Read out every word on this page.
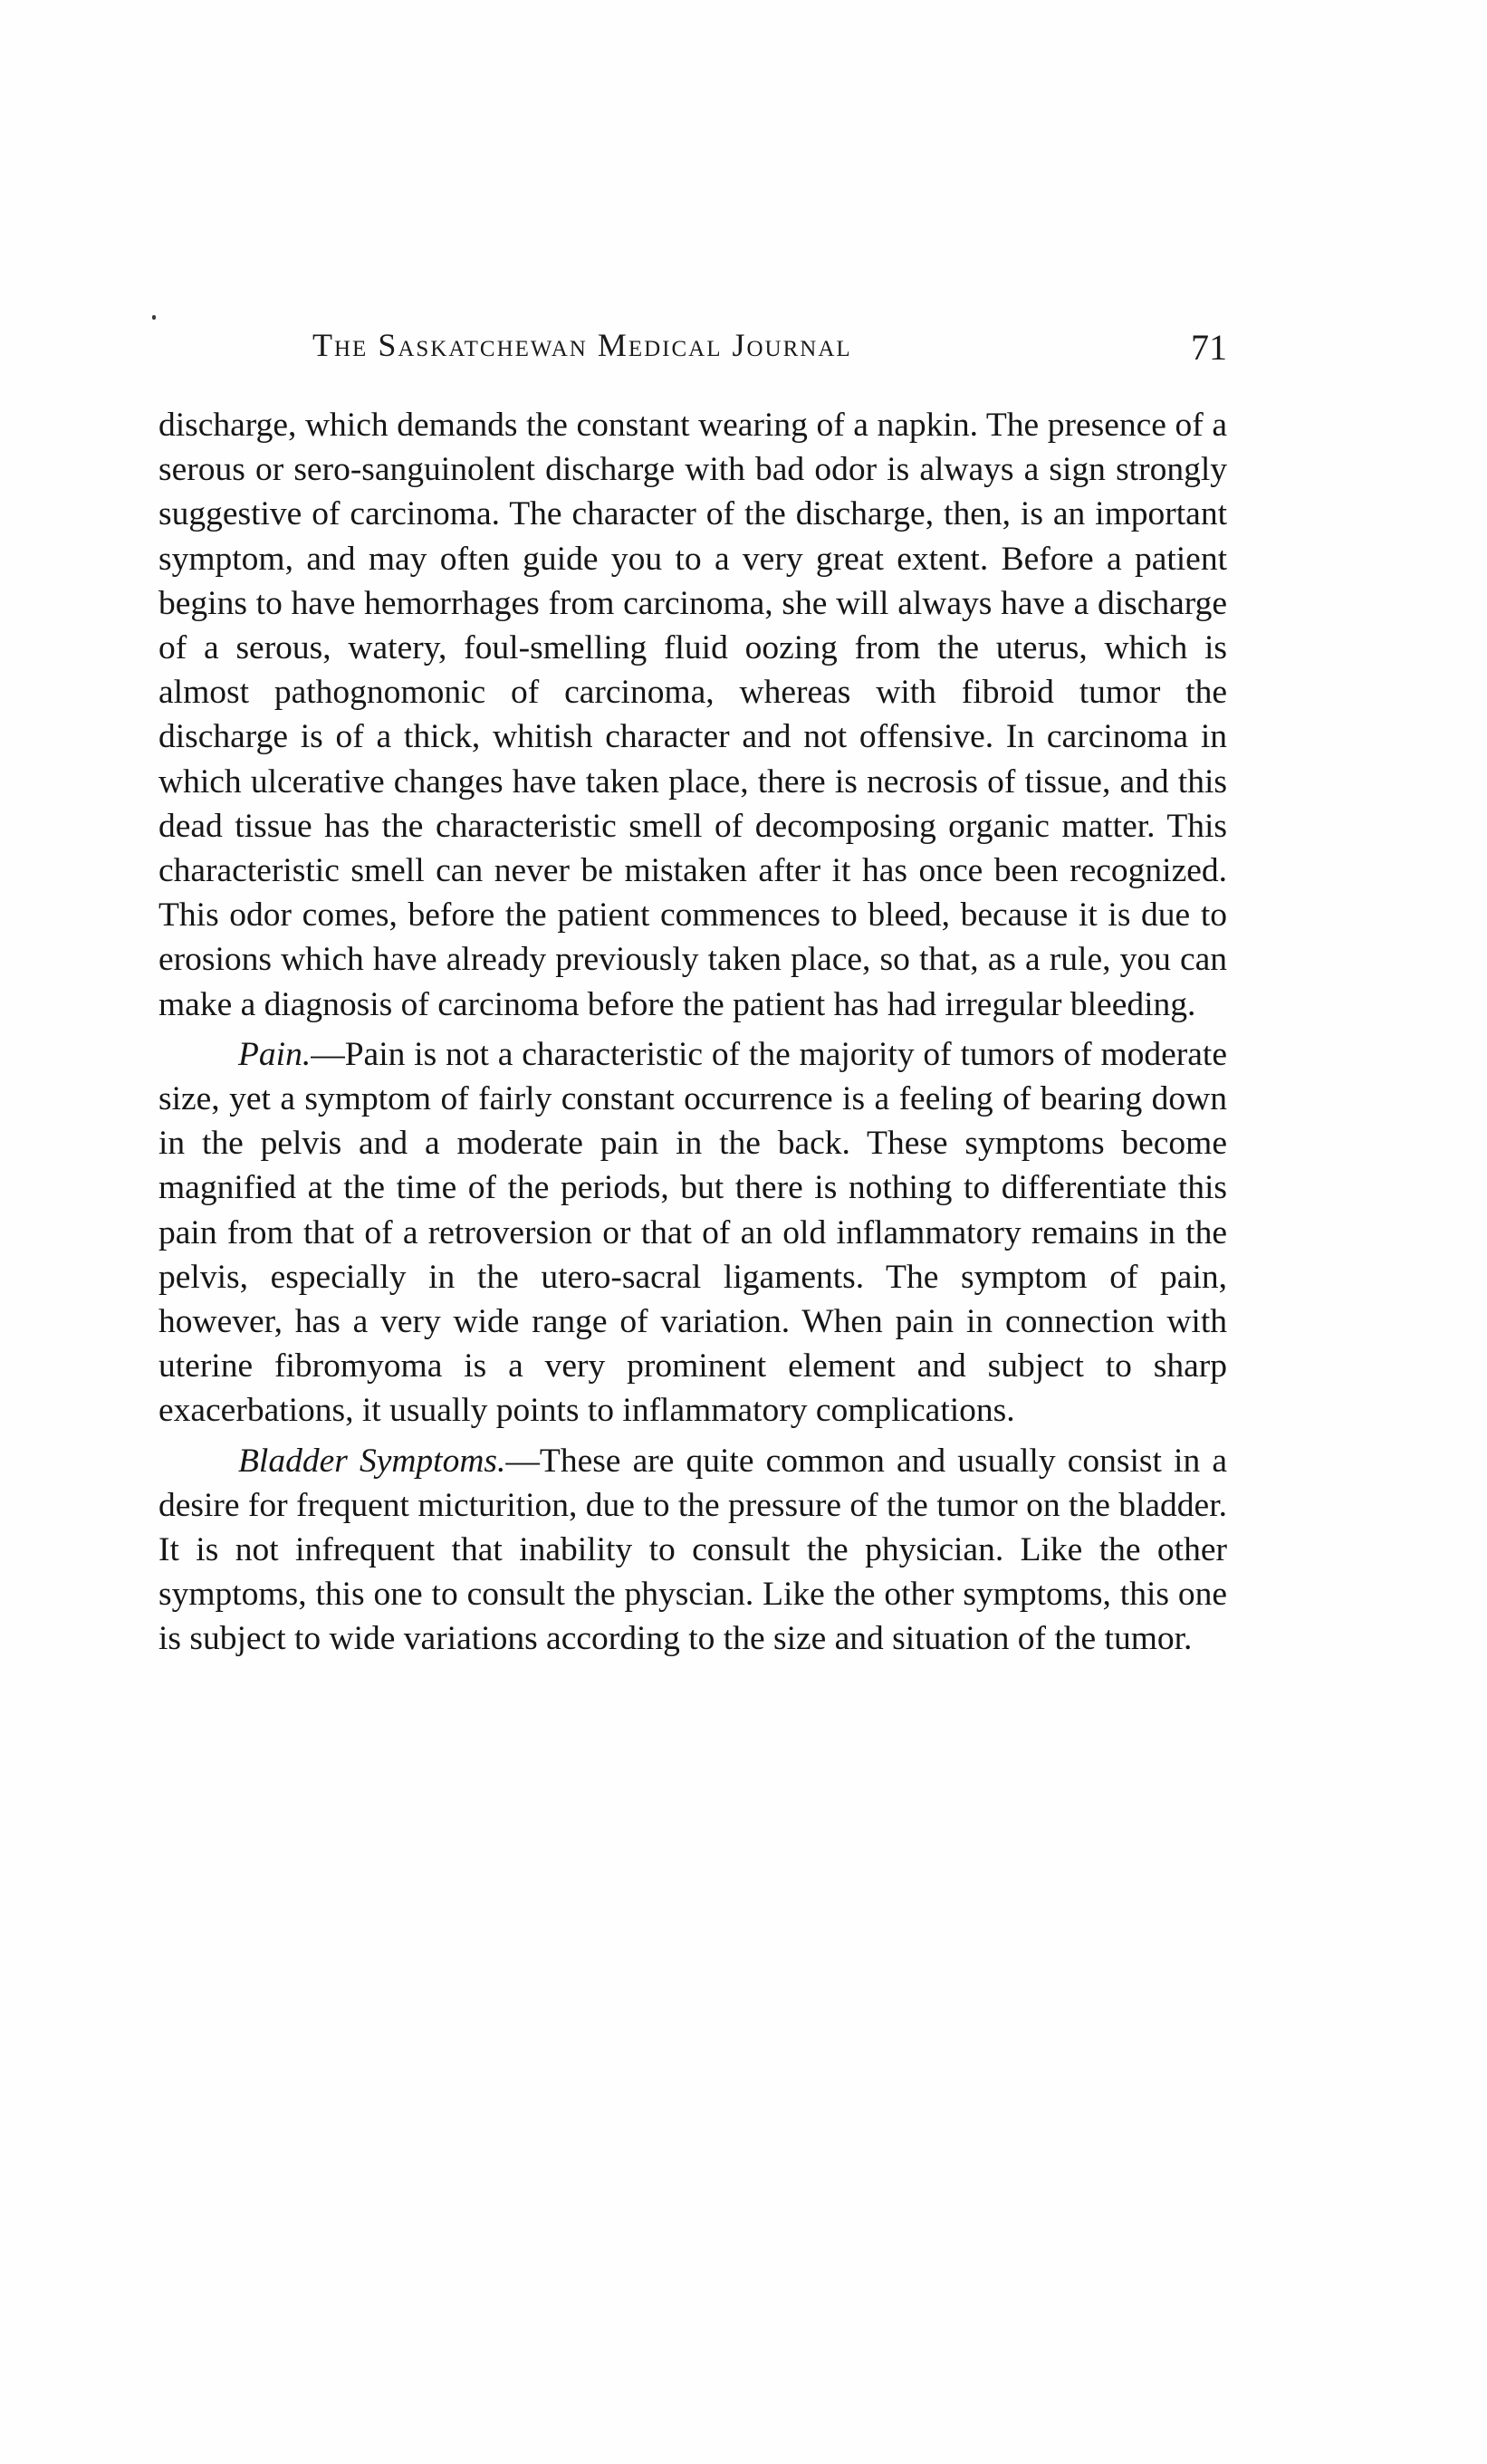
The Saskatchewan Medical Journal	71

discharge, which demands the constant wearing of a napkin. The presence of a serous or sero-sanguinolent discharge with bad odor is always a sign strongly suggestive of carcinoma. The character of the discharge, then, is an important symptom, and may often guide you to a very great extent. Before a patient begins to have hemorrhages from carcinoma, she will always have a discharge of a serous, watery, foul-smelling fluid oozing from the uterus, which is almost pathognomonic of carcinoma, whereas with fibroid tumor the discharge is of a thick, whitish character and not offensive. In carcinoma in which ulcerative changes have taken place, there is necrosis of tissue, and this dead tissue has the characteristic smell of decomposing organic matter. This characteristic smell can never be mistaken after it has once been recognized. This odor comes, before the patient commences to bleed, because it is due to erosions which have already previously taken place, so that, as a rule, you can make a diagnosis of carcinoma before the patient has had irregular bleeding.

Pain.—Pain is not a characteristic of the majority of tumors of moderate size, yet a symptom of fairly constant occurrence is a feeling of bearing down in the pelvis and a moderate pain in the back. These symptoms become magnified at the time of the periods, but there is nothing to differentiate this pain from that of a retroversion or that of an old inflammatory remains in the pelvis, especially in the utero-sacral ligaments. The symptom of pain, however, has a very wide range of variation. When pain in connection with uterine fibromyoma is a very prominent element and subject to sharp exacerbations, it usually points to inflammatory complications.

Bladder Symptoms.—These are quite common and usually consist in a desire for frequent micturition, due to the pressure of the tumor on the bladder. It is not infrequent that inability to consult the physician. Like the other symptoms, this one to consult the physcian. Like the other symptoms, this one is subject to wide variations according to the size and situation of the tumor.
